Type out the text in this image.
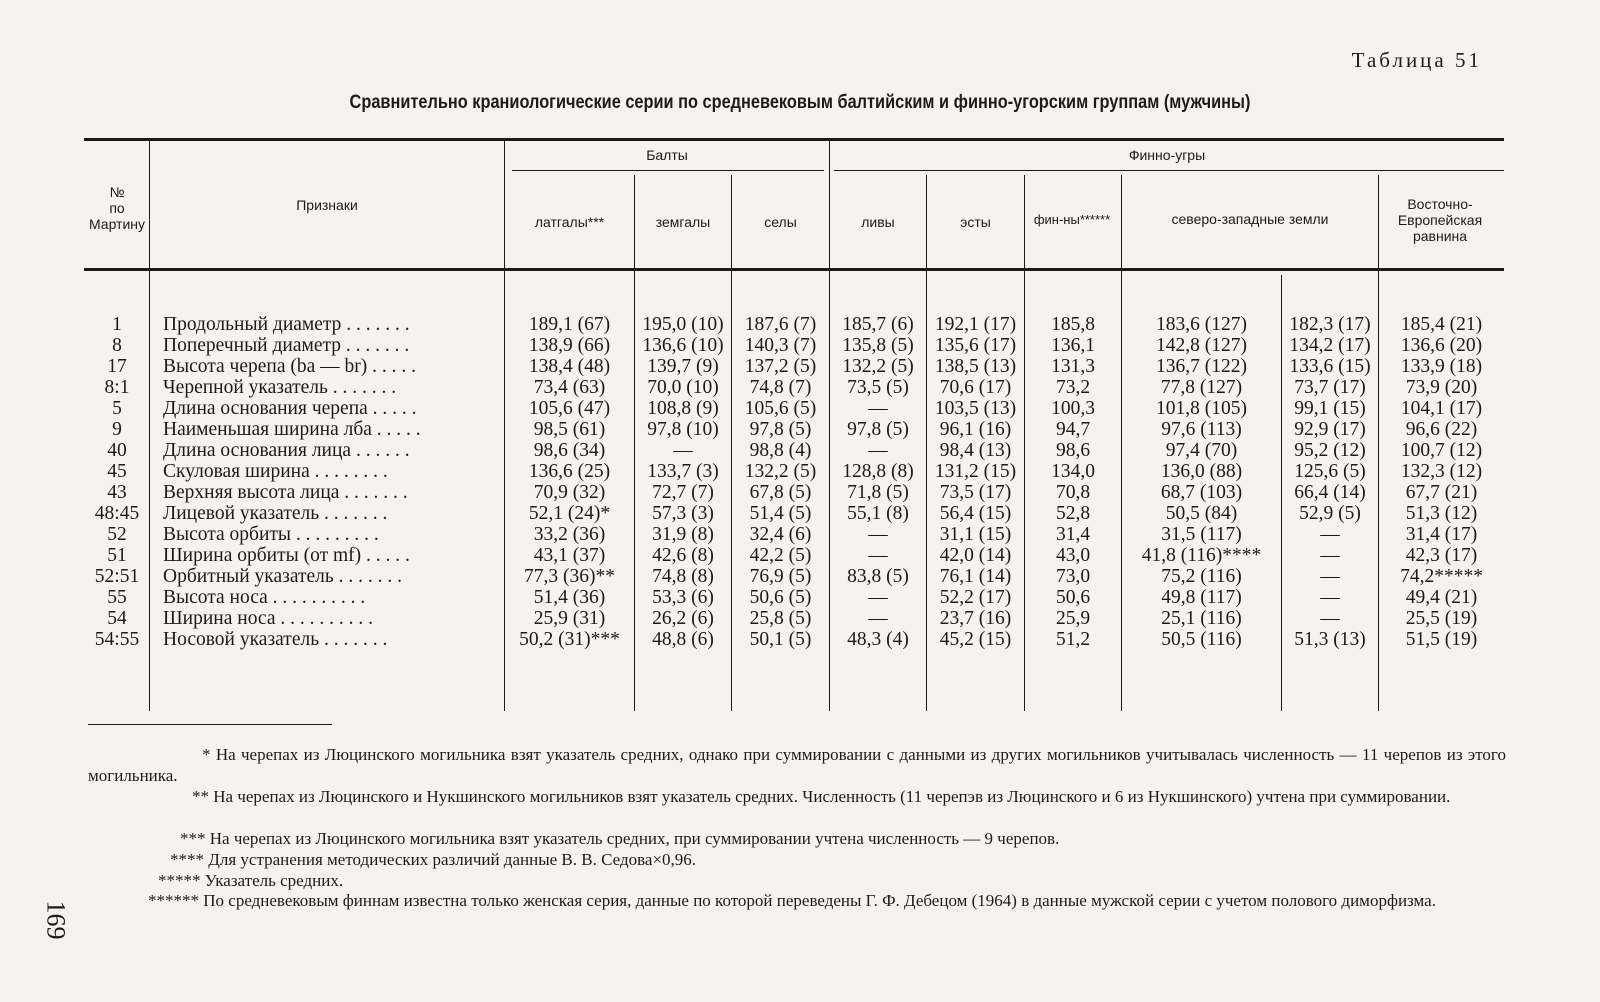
Таблица 51
Сравнительно краниологические серии по средневековым балтийским и финно-угорским группам (мужчины)
№ по Мартину
Признаки
Балты	Финно-угры
латгалы***	земгалы	селы	ливы	эсты	фин-ны******	северо-западные земли
Восточно-Европейская равнина
1	Продольный диаметр . . . . . . .	189,1 (67)	195,0 (10)	187,6 (7)	185,7 (6)	192,1 (17)	185,8	183,6 (127)	182,3 (17)	185,4 (21)
8	Поперечный диаметр . . . . . . .	138,9 (66)	136,6 (10)	140,3 (7)	135,8 (5)	135,6 (17)	136,1	142,8 (127)	134,2 (17)	136,6 (20)
17	Высота черепа (ba — br) . . . . .	138,4 (48)	139,7 (9)	137,2 (5)	132,2 (5)	138,5 (13)	131,3	136,7 (122)	133,6 (15)	133,9 (18)
8:1	Черепной указатель . . . . . . .	73,4 (63)	70,0 (10)	74,8 (7)	73,5 (5)	70,6 (17)	73,2	77,8 (127)	73,7 (17)	73,9 (20)
5	Длина основания черепа . . . . .	105,6 (47)	108,8 (9)	105,6 (5)	—	103,5 (13)	100,3	101,8 (105)	99,1 (15)	104,1 (17)
9	Наименьшая ширина лба . . . . .	98,5 (61)	97,8 (10)	97,8 (5)	97,8 (5)	96,1 (16)	94,7	97,6 (113)	92,9 (17)	96,6 (22)
40	Длина основания лица . . . . . .	98,6 (34)	—	98,8 (4)	—	98,4 (13)	98,6	97,4 (70)	95,2 (12)	100,7 (12)
45	Скуловая ширина . . . . . . . .	136,6 (25)	133,7 (3)	132,2 (5)	128,8 (8)	131,2 (15)	134,0	136,0 (88)	125,6 (5)	132,3 (12)
43	Верхняя высота лица . . . . . . .	70,9 (32)	72,7 (7)	67,8 (5)	71,8 (5)	73,5 (17)	70,8	68,7 (103)	66,4 (14)	67,7 (21)
48:45	Лицевой указатель . . . . . . .	52,1 (24)*	57,3 (3)	51,4 (5)	55,1 (8)	56,4 (15)	52,8	50,5 (84)	52,9 (5)	51,3 (12)
52	Высота орбиты . . . . . . . . .	33,2 (36)	31,9 (8)	32,4 (6)	—	31,1 (15)	31,4	31,5 (117)	—	31,4 (17)
51	Ширина орбиты (от mf) . . . . .	43,1 (37)	42,6 (8)	42,2 (5)	—	42,0 (14)	43,0	41,8 (116)****	—	42,3 (17)
52:51	Орбитный указатель . . . . . . .	77,3 (36)**	74,8 (8)	76,9 (5)	83,8 (5)	76,1 (14)	73,0	75,2 (116)	—	74,2*****
55	Высота носа . . . . . . . . . .	51,4 (36)	53,3 (6)	50,6 (5)	—	52,2 (17)	50,6	49,8 (117)	—	49,4 (21)
54	Ширина носа . . . . . . . . . .	25,9 (31)	26,2 (6)	25,8 (5)	—	23,7 (16)	25,9	25,1 (116)	—	25,5 (19)
54:55	Носовой указатель . . . . . . .	50,2 (31)***	48,8 (6)	50,1 (5)	48,3 (4)	45,2 (15)	51,2	50,5 (116)	51,3 (13)	51,5 (19)
* На черепах из Люцинского могильника взят указатель средних, однако при суммировании с данными из других могильников учитывалась численность — 11 черепов из этого могильника.
** На черепах из Люцинского и Нукшинского могильников взят указатель средних. Численность (11 черепэв из Люцинского и 6 из Нукшинского) учтена при суммировании.
*** На черепах из Люцинского могильника взят указатель средних, при суммировании учтена численность — 9 черепов.
**** Для устранения методических различий данные В. В. Седова×0,96.
***** Указатель средних.
****** По средневековым финнам известна только женская серия, данные по которой переведены Г. Ф. Дебецом (1964) в данные мужской серии с учетом полового диморфизма.
169
